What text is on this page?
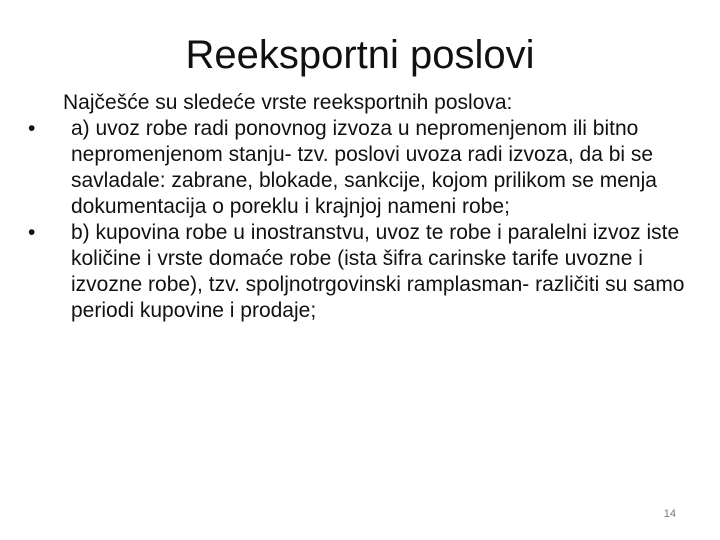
Reeksportni poslovi
Najčešće su sledeće vrste reeksportnih poslova:
•	a) uvoz robe radi ponovnog izvoza u nepromenjenom ili bitno nepromenjenom stanju- tzv. poslovi uvoza radi izvoza, da bi se savladale: zabrane, blokade, sankcije, kojom prilikom se menja dokumentacija o poreklu i krajnjoj nameni robe;
•	b) kupovina robe u inostranstvu, uvoz te robe i paralelni izvoz iste količine i vrste domaće robe (ista šifra carinske tarife uvozne i izvozne robe), tzv. spoljnotrgovinski ramplasman- različiti su samo periodi kupovine i prodaje;
14
